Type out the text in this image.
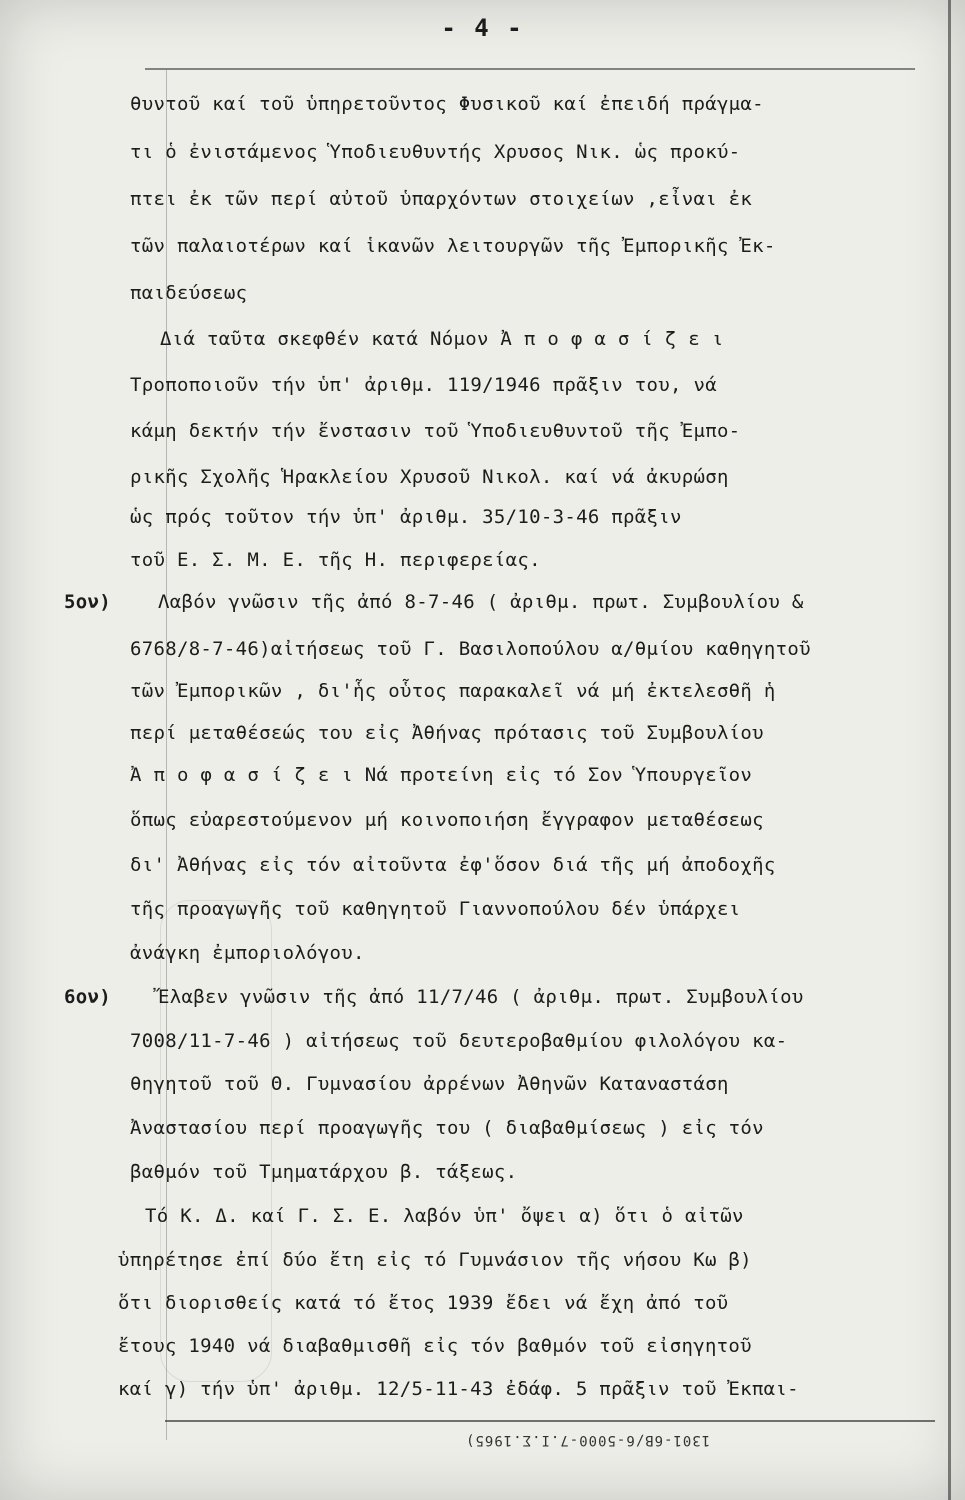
- 4 -
θυντοῦ καί τοῦ ὑπηρετοῦντος Φυσικοῦ καί ἐπειδή πράγμα-
τι ὁ ἐνιστάμενος Ὑποδιευθυντής Χρυσος Νικ. ὡς προκύ-
πτει ἐκ τῶν περί αὐτοῦ ὑπαρχόντων στοιχείων ,εἶναι ἐκ
τῶν παλαιοτέρων καί ἱκανῶν λειτουργῶν τῆς Ἐμπορικῆς Ἐκ-
παιδεύσεως
Διά ταῦτα σκεφθέν κατά Νόμον Ἀ π ο φ α σ ί ζ ε ι
Τροποποιοῦν τήν ὑπ' ἀριθμ. 119/1946 πρᾶξιν του, νά
κάμη δεκτήν τήν ἔνστασιν τοῦ Ὑποδιευθυντοῦ τῆς Ἐμπο-
ρικῆς Σχολῆς Ἡρακλείου Χρυσοῦ Νικολ. καί νά ἀκυρώση
ὡς πρός τοῦτον τήν ὑπ' ἀριθμ. 35/10-3-46 πρᾶξιν
τοῦ Ε. Σ. Μ. Ε. τῆς Η. περιφερείας.
5ον) Λαβόν γνῶσιν τῆς ἀπό 8-7-46 ( ἀριθμ. πρωτ. Συμβουλίου &
6768/8-7-46)αἰτήσεως τοῦ Γ. Βασιλοπούλου α/θμίου καθηγητοῦ
τῶν Ἐμπορικῶν , δι'ἧς οὗτος παρακαλεῖ νά μή ἐκτελεσθῆ ἡ
περί μεταθέσεώς του εἰς Ἀθήνας πρότασις τοῦ Συμβουλίου
Ἀ π ο φ α σ ί ζ ε ι Νά προτείνη εἰς τό Σον Ὑπουργεῖον
ὅπως εὐαρεστούμενον μή κοινοποιήση ἔγγραφον μεταθέσεως
δι' Ἀθήνας εἰς τόν αἰτοῦντα ἐφ'ὅσον διά τῆς μή ἀποδοχῆς
τῆς προαγωγῆς τοῦ καθηγητοῦ Γιαννοπούλου δέν ὑπάρχει
ἀνάγκη ἐμποριολόγου.
6ον) Ἔλαβεν γνῶσιν τῆς ἀπό 11/7/46 ( ἀριθμ. πρωτ. Συμβουλίου
7008/11-7-46 ) αἰτήσεως τοῦ δευτεροβαθμίου φιλολόγου κα-
θηγητοῦ τοῦ Θ. Γυμνασίου ἀρρένων Ἀθηνῶν Καταναστάση
Ἀναστασίου περί προαγωγῆς του ( διαβαθμίσεως ) εἰς τόν
βαθμόν τοῦ Τμηματάρχου β. τάξεως.
Τό Κ. Δ. καί Γ. Σ. Ε. λαβόν ὑπ' ὄψει α) ὅτι ὁ αἰτῶν
ὑπηρέτησε ἐπί δύο ἔτη εἰς τό Γυμνάσιον τῆς νήσου Κω β)
ὅτι διορισθείς κατά τό ἔτος 1939 ἔδει νά ἔχη ἀπό τοῦ
ἔτους 1940 νά διαβαθμισθῆ εἰς τόν βαθμόν τοῦ εἰσηγητοῦ
καί γ) τήν ὑπ' ἀριθμ. 12/5-11-43 ἐδάφ. 5 πρᾶξιν τοῦ Ἐκπαι-
1301-6Β/6-5000-7.Ι.Σ.1965)
